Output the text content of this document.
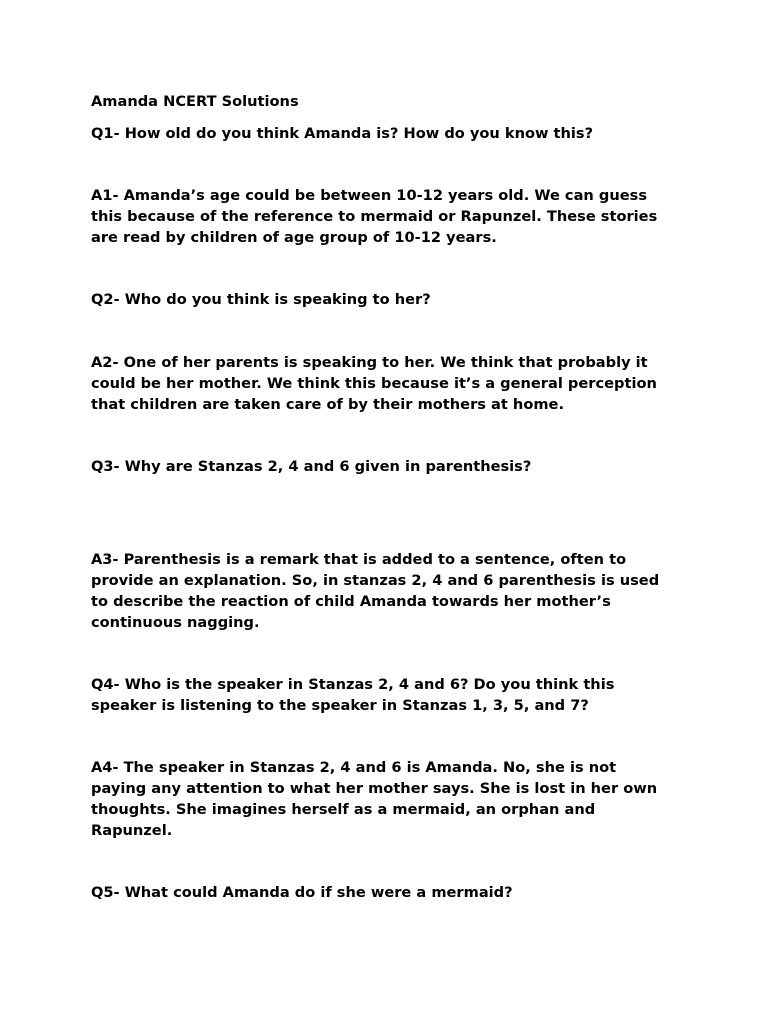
Amanda NCERT Solutions
Q1- How old do you think Amanda is? How do you know this?
A1- Amanda’s age could be between 10-12 years old. We can guess
this because of the reference to mermaid or Rapunzel. These stories
are read by children of age group of 10-12 years.
Q2- Who do you think is speaking to her?
A2- One of her parents is speaking to her. We think that probably it
could be her mother. We think this because it’s a general perception
that children are taken care of by their mothers at home.
Q3- Why are Stanzas 2, 4 and 6 given in parenthesis?
A3- Parenthesis is a remark that is added to a sentence, often to
provide an explanation. So, in stanzas 2, 4 and 6 parenthesis is used
to describe the reaction of child Amanda towards her mother’s
continuous nagging.
Q4- Who is the speaker in Stanzas 2, 4 and 6? Do you think this
speaker is listening to the speaker in Stanzas 1, 3, 5, and 7?
A4- The speaker in Stanzas 2, 4 and 6 is Amanda. No, she is not
paying any attention to what her mother says. She is lost in her own
thoughts. She imagines herself as a mermaid, an orphan and
Rapunzel.
Q5- What could Amanda do if she were a mermaid?
